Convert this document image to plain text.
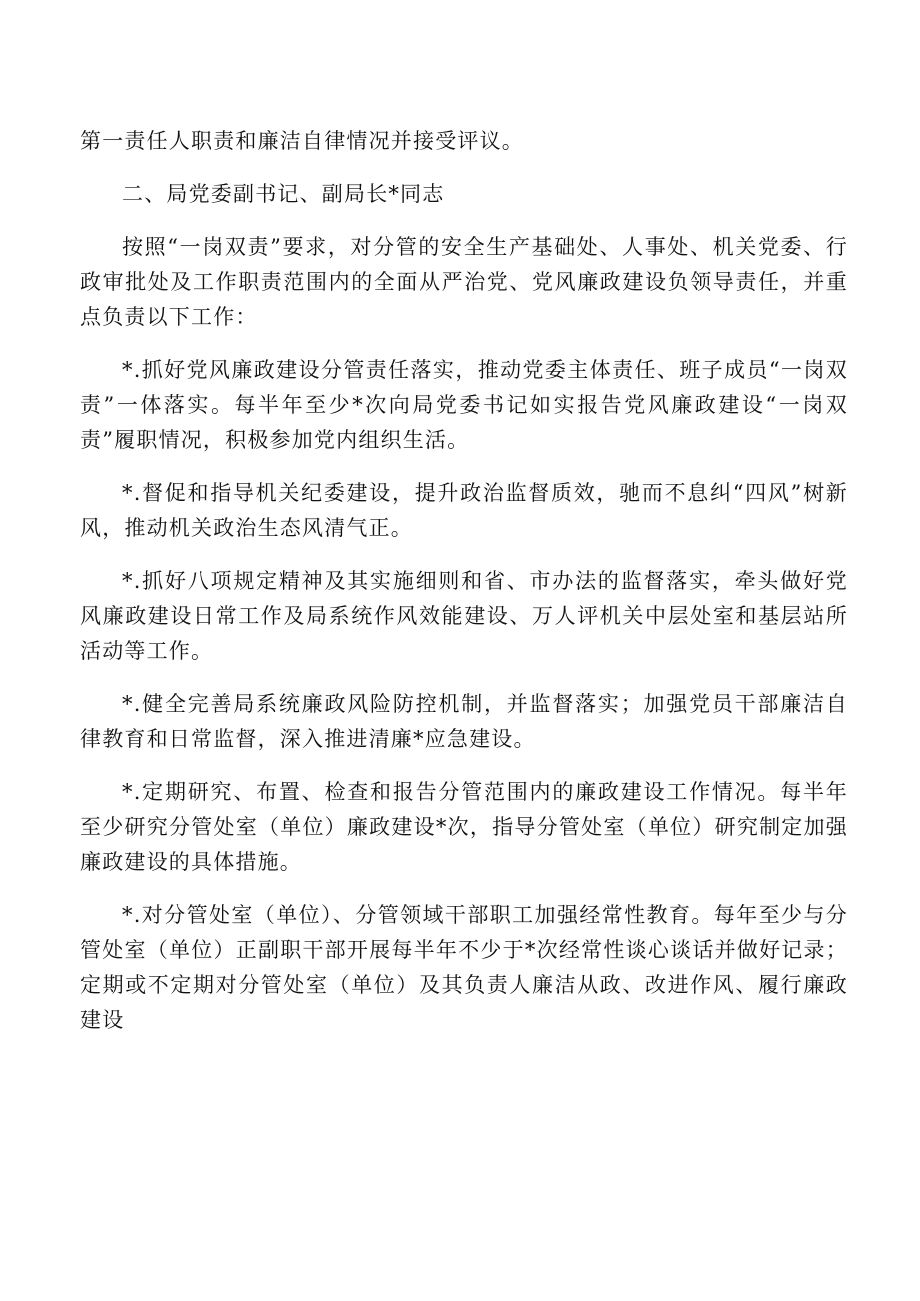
第一责任人职责和廉洁自律情况并接受评议。

二、局党委副书记、副局长*同志

按照“一岗双责”要求，对分管的安全生产基础处、人事处、机关党委、行政审批处及工作职责范围内的全面从严治党、党风廉政建设负领导责任，并重点负责以下工作：

*.抓好党风廉政建设分管责任落实，推动党委主体责任、班子成员“一岗双责”一体落实。每半年至少*次向局党委书记如实报告党风廉政建设“一岗双责”履职情况，积极参加党内组织生活。

*.督促和指导机关纪委建设，提升政治监督质效，驰而不息纠“四风”树新风，推动机关政治生态风清气正。

*.抓好八项规定精神及其实施细则和省、市办法的监督落实，牵头做好党风廉政建设日常工作及局系统作风效能建设、万人评机关中层处室和基层站所活动等工作。

*.健全完善局系统廉政风险防控机制，并监督落实；加强党员干部廉洁自律教育和日常监督，深入推进清廉*应急建设。

*.定期研究、布置、检查和报告分管范围内的廉政建设工作情况。每半年至少研究分管处室（单位）廉政建设*次，指导分管处室（单位）研究制定加强廉政建设的具体措施。

*.对分管处室（单位）、分管领域干部职工加强经常性教育。每年至少与分管处室（单位）正副职干部开展每半年不少于*次经常性谈心谈话并做好记录；定期或不定期对分管处室（单位）及其负责人廉洁从政、改进作风、履行廉政建设
